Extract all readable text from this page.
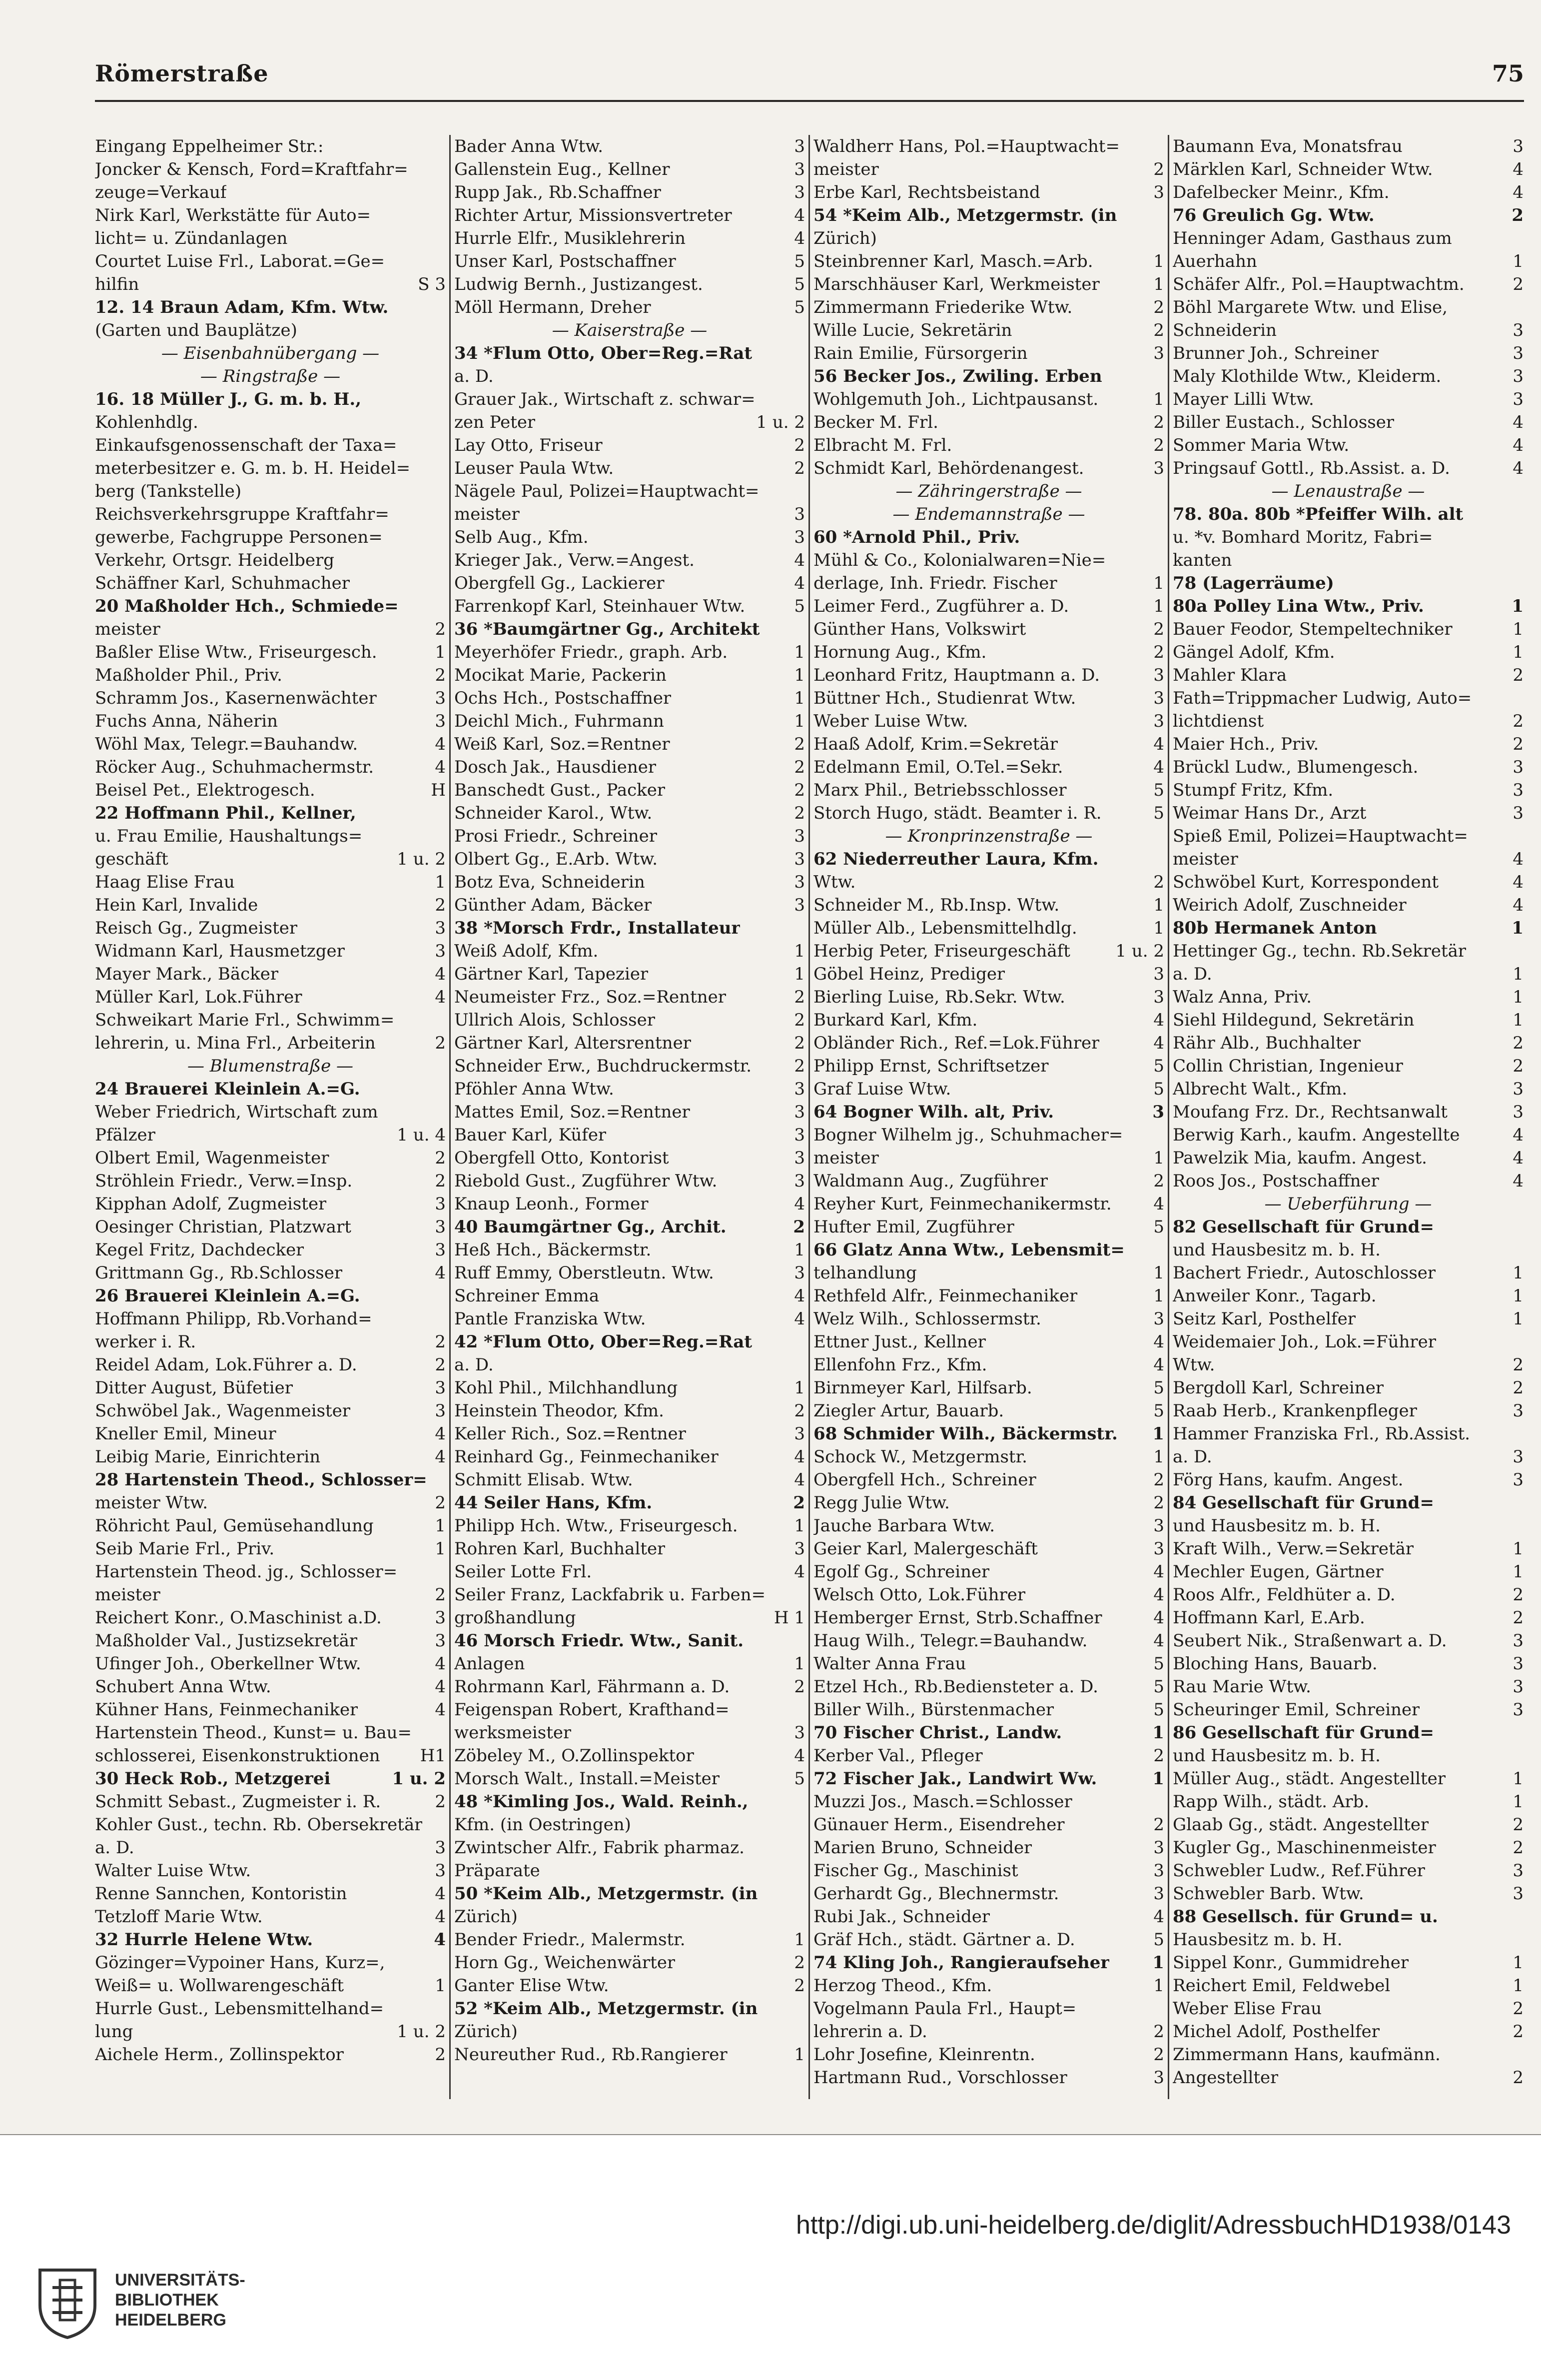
Römerstraße	75
Eingang Eppelheimer Str.:
Joncker & Kensch, Ford=Kraftfahr=
zeuge=Verkauf
Nirk Karl, Werkstätte für Auto=
licht= u. Zündanlagen
Courtet Luise Frl., Laborat.=Ge=
hilfin	S 3
12. 14 Braun Adam, Kfm. Wtw.
(Garten und Bauplätze)
— Eisenbahnübergang —
— Ringstraße —
16. 18 Müller J., G. m. b. H.,
Kohlenhdlg.
Einkaufsgenossenschaft der Taxa=
meterbesitzer e. G. m. b. H. Heidel=
berg (Tankstelle)
Reichsverkehrsgruppe Kraftfahr=
gewerbe, Fachgruppe Personen=
Verkehr, Ortsgr. Heidelberg
Schäffner Karl, Schuhmacher
20 Maßholder Hch., Schmiede=
meister	2
Baßler Elise Wtw., Friseurgesch.	1
Maßholder Phil., Priv.	2
Schramm Jos., Kasernenwächter	3
Fuchs Anna, Näherin	3
Wöhl Max, Telegr.=Bauhandw.	4
Röcker Aug., Schuhmachermstr.	4
Beisel Pet., Elektrogesch.	H
22 Hoffmann Phil., Kellner,
u. Frau Emilie, Haushaltungs=
geschäft	1 u. 2
Haag Elise Frau	1
Hein Karl, Invalide	2
Reisch Gg., Zugmeister	3
Widmann Karl, Hausmetzger	3
Mayer Mark., Bäcker	4
Müller Karl, Lok.Führer	4
Schweikart Marie Frl., Schwimm=
lehrerin, u. Mina Frl., Arbeiterin	2
— Blumenstraße —
24 Brauerei Kleinlein A.=G.
Weber Friedrich, Wirtschaft zum
Pfälzer	1 u. 4
Olbert Emil, Wagenmeister	2
Ströhlein Friedr., Verw.=Insp.	2
Kipphan Adolf, Zugmeister	3
Oesinger Christian, Platzwart	3
Kegel Fritz, Dachdecker	3
Grittmann Gg., Rb.Schlosser	4
26 Brauerei Kleinlein A.=G.
Hoffmann Philipp, Rb.Vorhand=
werker i. R.	2
Reidel Adam, Lok.Führer a. D.	2
Ditter August, Büfetier	3
Schwöbel Jak., Wagenmeister	3
Kneller Emil, Mineur	4
Leibig Marie, Einrichterin	4
28 Hartenstein Theod., Schlosser=
meister Wtw.	2
Röhricht Paul, Gemüsehandlung	1
Seib Marie Frl., Priv.	1
Hartenstein Theod. jg., Schlosser=
meister	2
Reichert Konr., O.Maschinist a.D.	3
Maßholder Val., Justizsekretär	3
Ufinger Joh., Oberkellner Wtw.	4
Schubert Anna Wtw.	4
Kühner Hans, Feinmechaniker	4
Hartenstein Theod., Kunst= u. Bau=
schlosserei, Eisenkonstruktionen H1
30 Heck Rob., Metzgerei	1 u. 2
Schmitt Sebast., Zugmeister i. R.	2
Kohler Gust., techn. Rb. Obersekretär
a. D.	3
Walter Luise Wtw.	3
Renne Sannchen, Kontoristin	4
Tetzloff Marie Wtw.	4
32 Hurrle Helene Wtw.	4
Gözinger=Vypoiner Hans, Kurz=,
Weiß= u. Wollwarengeschäft	1
Hurrle Gust., Lebensmittelhand=
lung	1 u. 2
Aichele Herm., Zollinspektor	2
Bader Anna Wtw.	3
Gallenstein Eug., Kellner	3
Rupp Jak., Rb.Schaffner	3
Richter Artur, Missionsvertreter	4
Hurrle Elfr., Musiklehrerin	4
Unser Karl, Postschaffner	5
Ludwig Bernh., Justizangest.	5
Möll Hermann, Dreher	5
— Kaiserstraße —
34 *Flum Otto, Ober=Reg.=Rat
a. D.
Grauer Jak., Wirtschaft z. schwar=
zen Peter	1 u. 2
Lay Otto, Friseur	2
Leuser Paula Wtw.	2
Nägele Paul, Polizei=Hauptwacht=
meister	3
Selb Aug., Kfm.	3
Krieger Jak., Verw.=Angest.	4
Obergfell Gg., Lackierer	4
Farrenkopf Karl, Steinhauer Wtw.	5
36 *Baumgärtner Gg., Architekt
Meyerhöfer Friedr., graph. Arb.	1
Mocikat Marie, Packerin	1
Ochs Hch., Postschaffner	1
Deichl Mich., Fuhrmann	1
Weiß Karl, Soz.=Rentner	2
Dosch Jak., Hausdiener	2
Banschedt Gust., Packer	2
Schneider Karol., Wtw.	2
Prosi Friedr., Schreiner	3
Olbert Gg., E.Arb. Wtw.	3
Botz Eva, Schneiderin	3
Günther Adam, Bäcker	3
38 *Morsch Frdr., Installateur
Weiß Adolf, Kfm.	1
Gärtner Karl, Tapezier	1
Neumeister Frz., Soz.=Rentner	2
Ullrich Alois, Schlosser	2
Gärtner Karl, Altersrentner	2
Schneider Erw., Buchdruckermstr.	2
Pföhler Anna Wtw.	3
Mattes Emil, Soz.=Rentner	3
Bauer Karl, Küfer	3
Obergfell Otto, Kontorist	3
Riebold Gust., Zugführer Wtw.	3
Knaup Leonh., Former	4
40 Baumgärtner Gg., Archit.	2
Heß Hch., Bäckermstr.	1
Ruff Emmy, Oberstleutn. Wtw.	3
Schreiner Emma	4
Pantle Franziska Wtw.	4
42 *Flum Otto, Ober=Reg.=Rat
a. D.
Kohl Phil., Milchhandlung	1
Heinstein Theodor, Kfm.	2
Keller Rich., Soz.=Rentner	3
Reinhard Gg., Feinmechaniker	4
Schmitt Elisab. Wtw.	4
44 Seiler Hans, Kfm.	2
Philipp Hch. Wtw., Friseurgesch.	1
Rohren Karl, Buchhalter	3
Seiler Lotte Frl.	4
Seiler Franz, Lackfabrik u. Farben=
großhandlung	H 1
46 Morsch Friedr. Wtw., Sanit.
Anlagen	1
Rohrmann Karl, Fährmann a. D.	2
Feigenspan Robert, Krafthand=
werksmeister	3
Zöbeley M., O.Zollinspektor	4
Morsch Walt., Install.=Meister	5
48 *Kimling Jos., Wald. Reinh.,
Kfm. (in Oestringen)
Zwintscher Alfr., Fabrik pharmaz.
Präparate
50 *Keim Alb., Metzgermstr. (in
Zürich)
Bender Friedr., Malermstr.	1
Horn Gg., Weichenwärter	2
Ganter Elise Wtw.	2
52 *Keim Alb., Metzgermstr. (in
Zürich)
Neureuther Rud., Rb.Rangierer	1
Waldherr Hans, Pol.=Hauptwacht=
meister	2
Erbe Karl, Rechtsbeistand	3
54 *Keim Alb., Metzgermstr. (in
Zürich)
Steinbrenner Karl, Masch.=Arb.	1
Marschhäuser Karl, Werkmeister	1
Zimmermann Friederike Wtw.	2
Wille Lucie, Sekretärin	2
Rain Emilie, Fürsorgerin	3
56 Becker Jos., Zwiling. Erben
Wohlgemuth Joh., Lichtpausanst.	1
Becker M. Frl.	2
Elbracht M. Frl.	2
Schmidt Karl, Behördenangest.	3
— Zähringerstraße —
— Endemannstraße —
60 *Arnold Phil., Priv.
Mühl & Co., Kolonialwaren=Nie=
derlage, Inh. Friedr. Fischer	1
Leimer Ferd., Zugführer a. D.	1
Günther Hans, Volkswirt	2
Hornung Aug., Kfm.	2
Leonhard Fritz, Hauptmann a. D.	3
Büttner Hch., Studienrat Wtw.	3
Weber Luise Wtw.	3
Haaß Adolf, Krim.=Sekretär	4
Edelmann Emil, O.Tel.=Sekr.	4
Marx Phil., Betriebsschlosser	5
Storch Hugo, städt. Beamter i. R.	5
— Kronprinzenstraße —
62 Niederreuther Laura, Kfm.
Wtw.	2
Schneider M., Rb.Insp. Wtw.	1
Müller Alb., Lebensmittelhdlg.	1
Herbig Peter, Friseurgeschäft	1 u. 2
Göbel Heinz, Prediger	3
Bierling Luise, Rb.Sekr. Wtw.	3
Burkard Karl, Kfm.	4
Obländer Rich., Ref.=Lok.Führer	4
Philipp Ernst, Schriftsetzer	5
Graf Luise Wtw.	5
64 Bogner Wilh. alt, Priv.	3
Bogner Wilhelm jg., Schuhmacher=
meister	1
Waldmann Aug., Zugführer	2
Reyher Kurt, Feinmechanikermstr. 4
Hufter Emil, Zugführer	5
66 Glatz Anna Wtw., Lebensmit=
telhandlung	1
Rethfeld Alfr., Feinmechaniker	1
Welz Wilh., Schlossermstr.	3
Ettner Just., Kellner	4
Ellenfohn Frz., Kfm.	4
Birnmeyer Karl, Hilfsarb.	5
Ziegler Artur, Bauarb.	5
68 Schmider Wilh., Bäckermstr. 1
Schock W., Metzgermstr.	1
Obergfell Hch., Schreiner	2
Regg Julie Wtw.	2
Jauche Barbara Wtw.	3
Geier Karl, Malergeschäft	3
Egolf Gg., Schreiner	4
Welsch Otto, Lok.Führer	4
Hemberger Ernst, Strb.Schaffner	4
Haug Wilh., Telegr.=Bauhandw.	4
Walter Anna Frau	5
Etzel Hch., Rb.Bediensteter a. D.	5
Biller Wilh., Bürstenmacher	5
70 Fischer Christ., Landw.	1
Kerber Val., Pfleger	2
72 Fischer Jak., Landwirt Ww.	1
Muzzi Jos., Masch.=Schlosser
Günauer Herm., Eisendreher	2
Marien Bruno, Schneider	3
Fischer Gg., Maschinist	3
Gerhardt Gg., Blechnermstr.	3
Rubi Jak., Schneider	4
Gräf Hch., städt. Gärtner a. D.	5
74 Kling Joh., Rangieraufseher	1
Herzog Theod., Kfm.	1
Vogelmann Paula Frl., Haupt=
lehrerin a. D.	2
Lohr Josefine, Kleinrentn.	2
Hartmann Rud., Vorschlosser	3
Baumann Eva, Monatsfrau	3
Märklen Karl, Schneider Wtw.	4
Dafelbecker Meinr., Kfm.	4
76 Greulich Gg. Wtw.	2
Henninger Adam, Gasthaus zum
Auerhahn	1
Schäfer Alfr., Pol.=Hauptwachtm.	2
Böhl Margarete Wtw. und Elise,
Schneiderin	3
Brunner Joh., Schreiner	3
Maly Klothilde Wtw., Kleiderm.	3
Mayer Lilli Wtw.	3
Biller Eustach., Schlosser	4
Sommer Maria Wtw.	4
Pringsauf Gottl., Rb.Assist. a. D.	4
— Lenaustraße —
78. 80a. 80b *Pfeiffer Wilh. alt
u. *v. Bomhard Moritz, Fabri=
kanten
78 (Lagerräume)
80a Polley Lina Wtw., Priv.	1
Bauer Feodor, Stempeltechniker	1
Gängel Adolf, Kfm.	1
Mahler Klara	2
Fath=Trippmacher Ludwig, Auto=
lichtdienst	2
Maier Hch., Priv.	2
Brückl Ludw., Blumengesch.	3
Stumpf Fritz, Kfm.	3
Weimar Hans Dr., Arzt	3
Spieß Emil, Polizei=Hauptwacht=
meister	4
Schwöbel Kurt, Korrespondent	4
Weirich Adolf, Zuschneider	4
80b Hermanek Anton	1
Hettinger Gg., techn. Rb.Sekretär
a. D.	1
Walz Anna, Priv.	1
Siehl Hildegund, Sekretärin	1
Rähr Alb., Buchhalter	2
Collin Christian, Ingenieur	2
Albrecht Walt., Kfm.	3
Moufang Frz. Dr., Rechtsanwalt	3
Berwig Karh., kaufm. Angestellte	4
Pawelzik Mia, kaufm. Angest.	4
Roos Jos., Postschaffner	4
— Ueberführung —
82 Gesellschaft für Grund=
und Hausbesitz m. b. H.
Bachert Friedr., Autoschlosser	1
Anweiler Konr., Tagarb.	1
Seitz Karl, Posthelfer	1
Weidemaier Joh., Lok.=Führer
Wtw.	2
Bergdoll Karl, Schreiner	2
Raab Herb., Krankenpfleger	3
Hammer Franziska Frl., Rb.Assist.
a. D.	3
Förg Hans, kaufm. Angest.	3
84 Gesellschaft für Grund=
und Hausbesitz m. b. H.
Kraft Wilh., Verw.=Sekretär	1
Mechler Eugen, Gärtner	1
Roos Alfr., Feldhüter a. D.	2
Hoffmann Karl, E.Arb.	2
Seubert Nik., Straßenwart a. D.	3
Bloching Hans, Bauarb.	3
Rau Marie Wtw.	3
Scheuringer Emil, Schreiner	3
86 Gesellschaft für Grund=
und Hausbesitz m. b. H.
Müller Aug., städt. Angestellter	1
Rapp Wilh., städt. Arb.	1
Glaab Gg., städt. Angestellter	2
Kugler Gg., Maschinenmeister	2
Schwebler Ludw., Ref.Führer	3
Schwebler Barb. Wtw.	3
88 Gesellsch. für Grund= u.
Hausbesitz m. b. H.
Sippel Konr., Gummidreher	1
Reichert Emil, Feldwebel	1
Weber Elise Frau	2
Michel Adolf, Posthelfer	2
Zimmermann Hans, kaufmänn.
Angestellter	2
UNIVERSITÄTS-
BIBLIOTHEK
HEIDELBERG
http://digi.ub.uni-heidelberg.de/diglit/AdressbuchHD1938/0143
